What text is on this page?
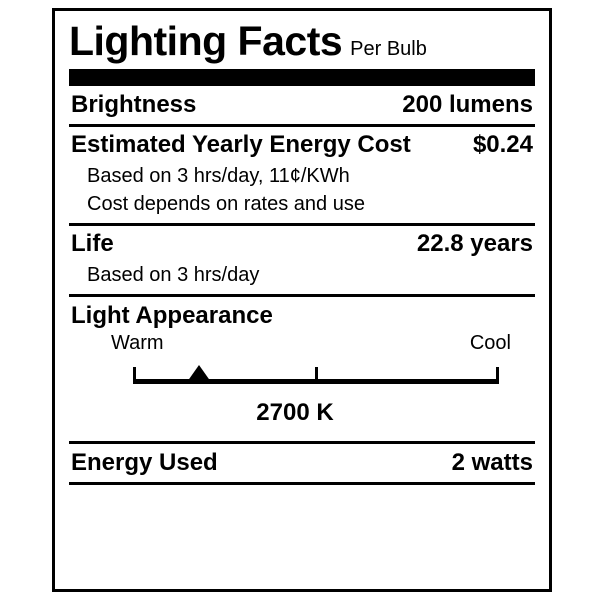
Lighting Facts Per Bulb
Brightness	200 lumens
Estimated Yearly Energy Cost	$0.24
Based on 3 hrs/day, 11¢/KWh
Cost depends on rates and use
Life	22.8 years
Based on 3 hrs/day
Light Appearance
Warm	Cool
2700 K
Energy Used	2 watts
